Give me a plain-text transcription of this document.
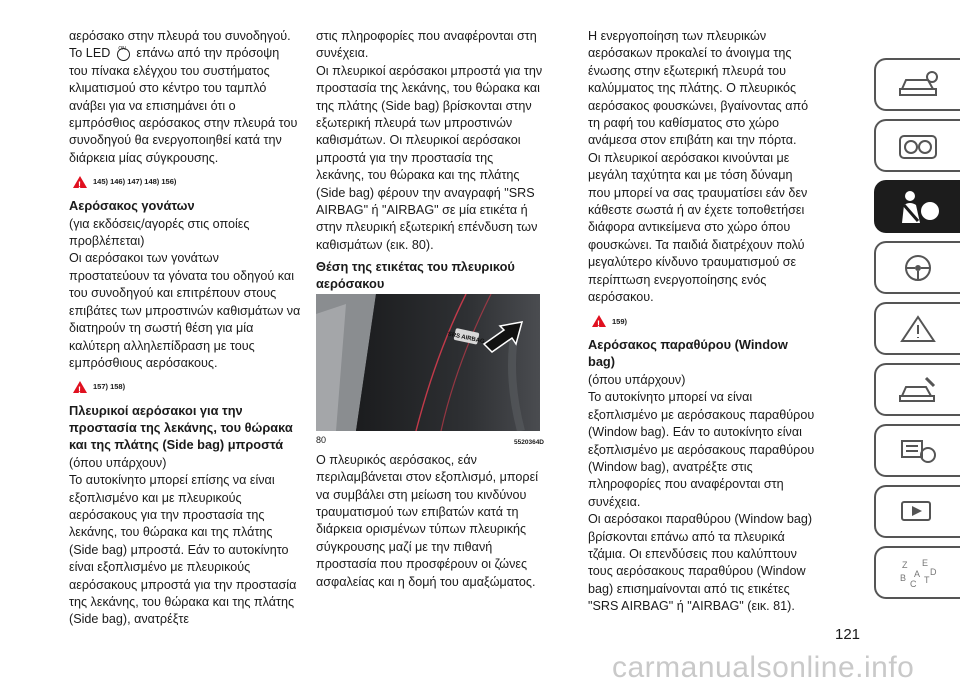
αερόσακο στην πλευρά του συνοδηγού.

Το LED ON επάνω από την πρόσοψη του πίνακα ελέγχου του συστήματος κλιματισμού στο κέντρο του ταμπλό ανάβει για να επισημάνει ότι ο εμπρόσθιος αερόσακος στην πλευρά του συνοδηγού θα ενεργοποιηθεί κατά την διάρκεια μίας σύγκρουσης.

!
145) 146) 147) 148) 156)
Αερόσακος γονάτων

(για εκδόσεις/αγορές στις οποίες προβλέπεται)

Οι αερόσακοι των γονάτων προστατεύουν τα γόνατα του οδηγού και του συνοδηγού και επιτρέπουν στους επιβάτες των μπροστινών καθισμάτων να διατηρούν τη σωστή θέση για μία καλύτερη αλληλεπίδραση με τους εμπρόσθιους αερόσακους.

!
157) 158)
Πλευρικοί αερόσακοι για την προστασία της λεκάνης, του θώρακα και της πλάτης (Side bag) μπροστά

(όπου υπάρχουν)

Το αυτοκίνητο μπορεί επίσης να είναι εξοπλισμένο και με πλευρικούς αερόσακους για την προστασία της λεκάνης, του θώρακα και της πλάτης (Side bag) μπροστά. Εάν το αυτοκίνητο είναι εξοπλισμένο με πλευρικούς αερόσακους μπροστά για την προστασία της λεκάνης, του θώρακα και της πλάτης (Side bag), ανατρέξτε

στις πληροφορίες που αναφέρονται στη συνέχεια.

Οι πλευρικοί αερόσακοι μπροστά για την προστασία της λεκάνης, του θώρακα και της πλάτης (Side bag) βρίσκονται στην εξωτερική πλευρά των μπροστινών καθισμάτων. Οι πλευρικοί αερόσακοι μπροστά για την προστασία της λεκάνης, του θώρακα και της πλάτης (Side bag) φέρουν την αναγραφή "SRS AIRBAG" ή "AIRBAG" σε μία ετικέτα ή στην πλευρική εξωτερική επένδυση των καθισμάτων (εικ. 80).

Θέση της ετικέτας του πλευρικού αερόσακου
SRS AIRBAG
80	5520364D

Ο πλευρικός αερόσακος, εάν περιλαμβάνεται στον εξοπλισμό, μπορεί να συμβάλει στη μείωση του κινδύνου τραυματισμού των επιβατών κατά τη διάρκεια ορισμένων τύπων πλευρικής σύγκρουσης μαζί με την πιθανή προστασία που προσφέρουν οι ζώνες ασφαλείας και η δομή του αμαξώματος.

Η ενεργοποίηση των πλευρικών αερόσακων προκαλεί το άνοιγμα της ένωσης στην εξωτερική πλευρά του καλύμματος της πλάτης. Ο πλευρικός αερόσακος φουσκώνει, βγαίνοντας από τη ραφή του καθίσματος στο χώρο ανάμεσα στον επιβάτη και την πόρτα.

Οι πλευρικοί αερόσακοι κινούνται με μεγάλη ταχύτητα και με τόση δύναμη που μπορεί να σας τραυματίσει εάν δεν κάθεστε σωστά ή αν έχετε τοποθετήσει διάφορα αντικείμενα στο χώρο όπου φουσκώνει. Τα παιδιά διατρέχουν πολύ μεγαλύτερο κίνδυνο τραυματισμού σε περίπτωση ενεργοποίησης ενός αερόσακου.

!
159)
Αερόσακος παραθύρου (Window bag)

(όπου υπάρχουν)

Το αυτοκίνητο μπορεί να είναι εξοπλισμένο με αερόσακους παραθύρου (Window bag). Εάν το αυτοκίνητο είναι εξοπλισμένο με αερόσακους παραθύρου (Window bag), ανατρέξτε στις πληροφορίες που αναφέρονται στη συνέχεια.

Οι αερόσακοι παραθύρου (Window bag) βρίσκονται επάνω από τα πλευρικά τζάμια. Οι επενδύσεις που καλύπτουν τους αερόσακους παραθύρου (Window bag) επισημαίνονται από τις ετικέτες "SRS AIRBAG" ή "AIRBAG" (εικ. 81).

Z E
B A
C T
D
121
carmanualsonline.info
